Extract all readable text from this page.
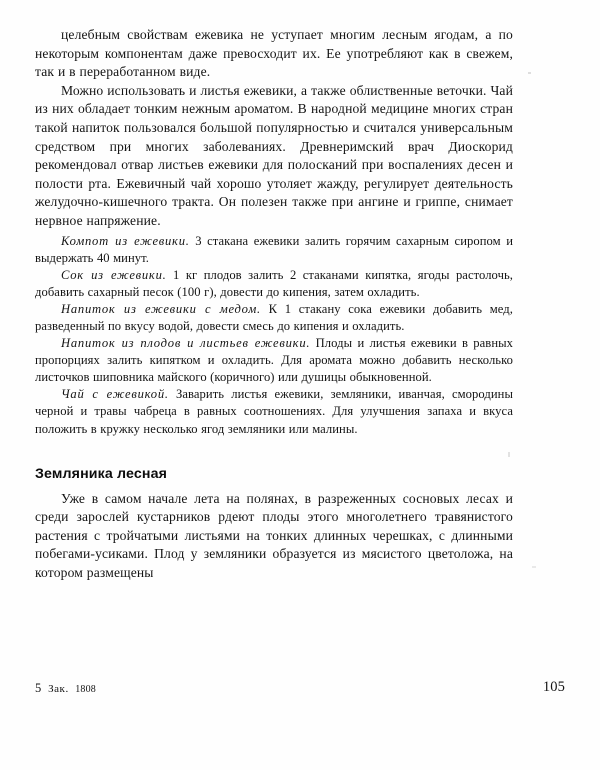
целебным свойствам ежевика не уступает многим лесным ягодам, а по некоторым компонентам даже превосходит их. Ее употребляют как в свежем, так и в переработанном виде.

Можно использовать и листья ежевики, а также облиственные веточки. Чай из них обладает тонким нежным ароматом. В народной медицине многих стран такой напиток пользовался большой популярностью и считался универсальным средством при многих заболеваниях. Древнеримский врач Диоскорид рекомендовал отвар листьев ежевики для полосканий при воспалениях десен и полости рта. Ежевичный чай хорошо утоляет жажду, регулирует деятельность желудочно-кишечного тракта. Он полезен также при ангине и гриппе, снимает нервное напряжение.

Компот из ежевики. 3 стакана ежевики залить горячим сахарным сиропом и выдержать 40 минут.

Сок из ежевики. 1 кг плодов залить 2 стаканами кипятка, ягоды растолочь, добавить сахарный песок (100 г), довести до кипения, затем охладить.

Напиток из ежевики с медом. К 1 стакану сока ежевики добавить мед, разведенный по вкусу водой, довести смесь до кипения и охладить.

Напиток из плодов и листьев ежевики. Плоды и листья ежевики в равных пропорциях залить кипятком и охладить. Для аромата можно добавить несколько листочков шиповника майского (коричного) или душицы обыкновенной.

Чай с ежевикой. Заварить листья ежевики, земляники, иванчая, смородины черной и травы чабреца в равных соотношениях. Для улучшения запаха и вкуса положить в кружку несколько ягод земляники или малины.

Земляника лесная

Уже в самом начале лета на полянах, в разреженных сосновых лесах и среди зарослей кустарников рдеют плоды этого многолетнего травянистого растения с тройчатыми листьями на тонких длинных черешках, с длинными побегами-усиками. Плод у земляники образуется из мясистого цветоложа, на котором размещены

5 Зак. 1808	105
